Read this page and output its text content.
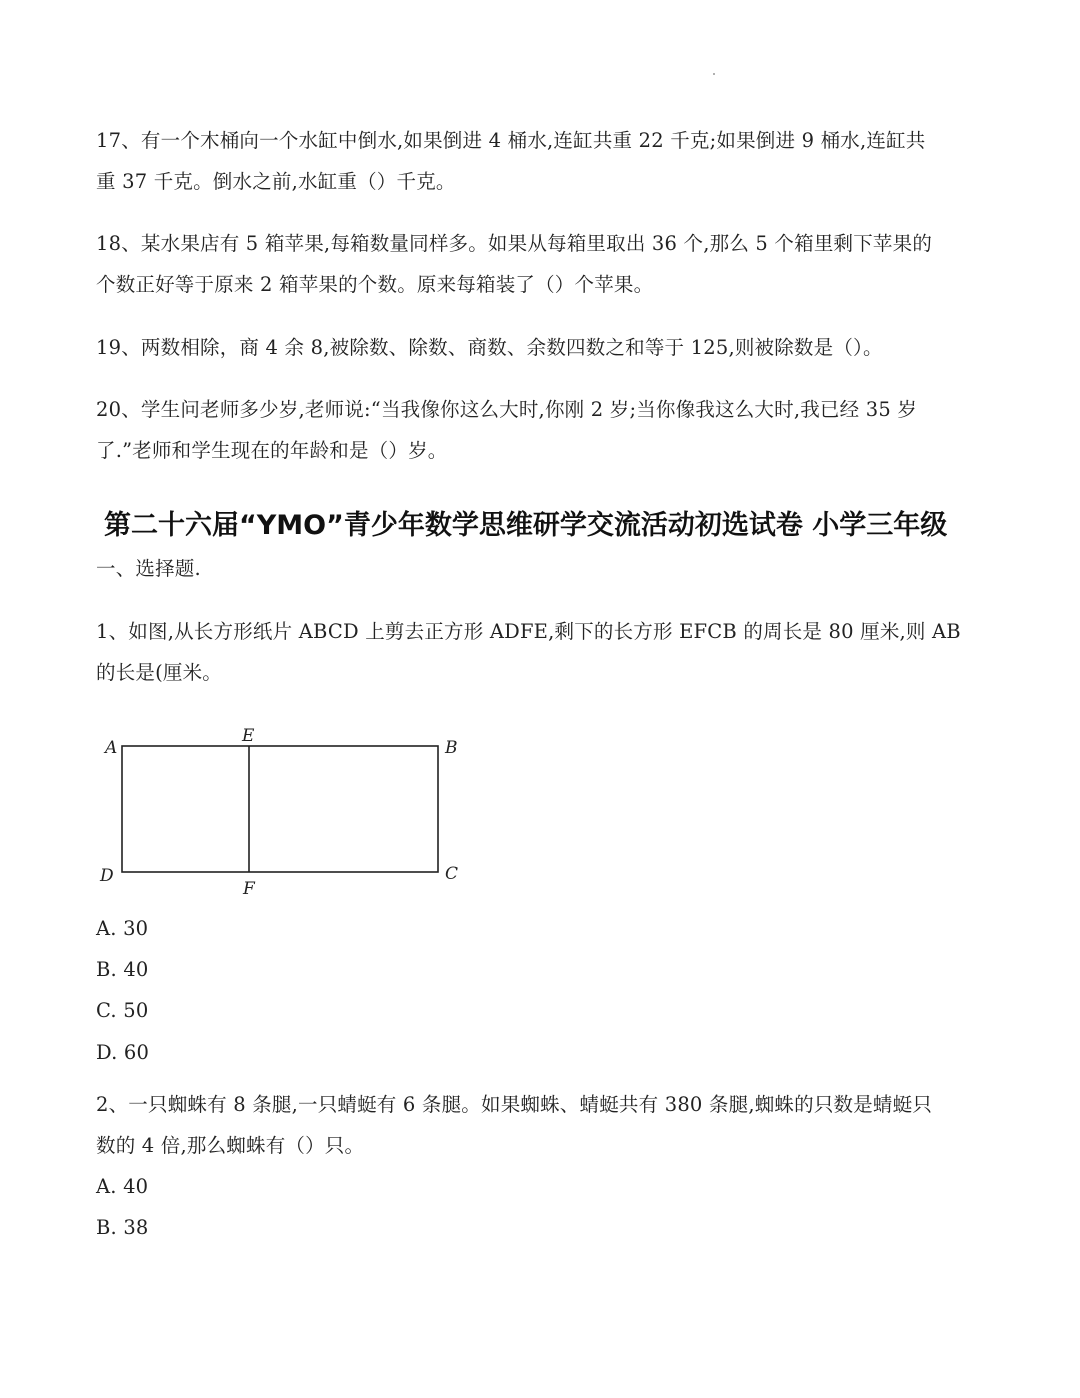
17、有一个木桶向一个水缸中倒水,如果倒进 4 桶水,连缸共重 22 千克;如果倒进 9 桶水,连缸共
重 37 千克。倒水之前,水缸重（）千克。
18、某水果店有 5 箱苹果,每箱数量同样多。如果从每箱里取出 36 个,那么 5 个箱里剩下苹果的
个数正好等于原来 2 箱苹果的个数。原来每箱装了（）个苹果。
19、两数相除，商 4 余 8,被除数、除数、商数、余数四数之和等于 125,则被除数是（）。
20、学生问老师多少岁,老师说:“当我像你这么大时,你刚 2 岁;当你像我这么大时,我已经 35 岁
了.”老师和学生现在的年龄和是（）岁。
第二十六届“YMO”青少年数学思维研学交流活动初选试卷 小学三年级
一、选择题.
1、如图,从长方形纸片 ABCD 上剪去正方形 ADFE,剩下的长方形 EFCB 的周长是 80 厘米,则 AB
的长是(厘米。
A
E
B
D
F
C
A. 30
B. 40
C. 50
D. 60
2、一只蜘蛛有 8 条腿,一只蜻蜓有 6 条腿。如果蜘蛛、蜻蜓共有 380 条腿,蜘蛛的只数是蜻蜓只
数的 4 倍,那么蜘蛛有（）只。
A. 40
B. 38
